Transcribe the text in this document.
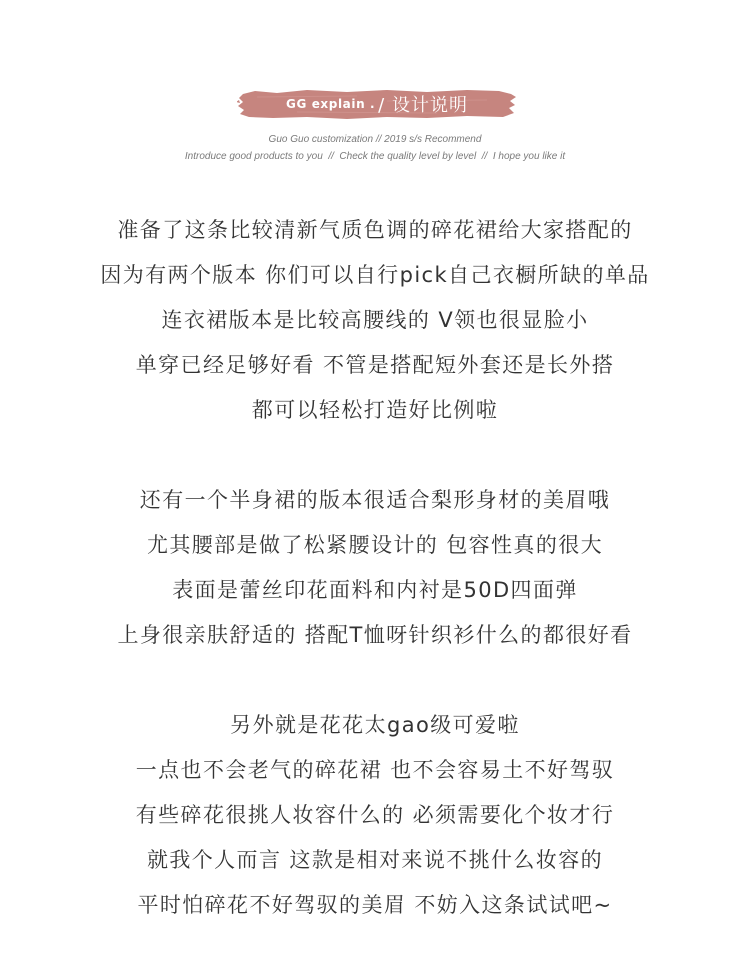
GG explain . / 设计说明
Guo Guo customization // 2019 s/s Recommend
Introduce good products to you  //  Check the quality level by level  //  I hope you like it
准备了这条比较清新气质色调的碎花裙给大家搭配的
因为有两个版本 你们可以自行pick自己衣橱所缺的单品
连衣裙版本是比较高腰线的 V领也很显脸小
单穿已经足够好看 不管是搭配短外套还是长外搭
都可以轻松打造好比例啦
还有一个半身裙的版本很适合梨形身材的美眉哦
尤其腰部是做了松紧腰设计的 包容性真的很大
表面是蕾丝印花面料和内衬是50D四面弹
上身很亲肤舒适的 搭配T恤呀针织衫什么的都很好看
另外就是花花太gao级可爱啦
一点也不会老气的碎花裙 也不会容易土不好驾驭
有些碎花很挑人妆容什么的 必须需要化个妆才行
就我个人而言 这款是相对来说不挑什么妆容的
平时怕碎花不好驾驭的美眉 不妨入这条试试吧~
